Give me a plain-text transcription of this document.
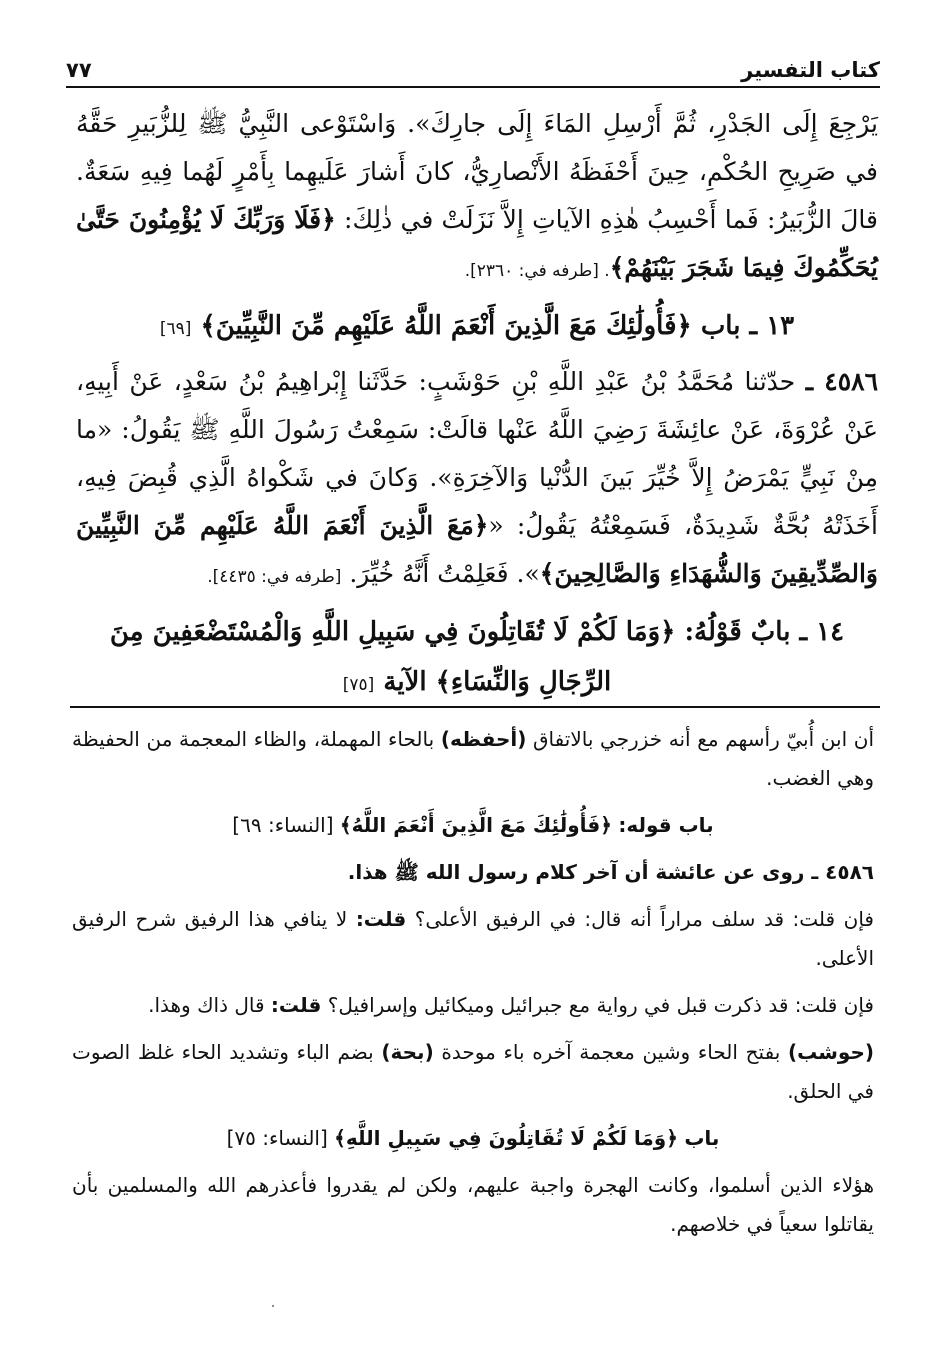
كتاب التفسير
٧٧

يَرْجِعَ إِلَى الجَدْرِ، ثُمَّ أَرْسِلِ المَاءَ إِلَى جارِكَ». وَاسْتَوْعى النَّبِيُّ ﷺ لِلزُّبَيرِ حَقَّهُ في صَرِيحِ الحُكْمِ، حِينَ أَحْفَظَهُ الأَنْصارِيُّ، كانَ أَشارَ عَلَيهِما بِأَمْرٍ لَهُما فِيهِ سَعَةٌ. قالَ الزُّبَيرُ: فَما أَحْسِبُ هٰذِهِ الآياتِ إِلاَّ نَزَلَتْ في ذٰلِكَ: ﴿فَلَا وَرَبِّكَ لَا يُؤْمِنُونَ حَتَّىٰ يُحَكِّمُوكَ فِيمَا شَجَرَ بَيْنَهُمْ﴾. [طرفه في: ٢٣٦٠].

١٣ ـ باب ﴿فَأُولَٰئِكَ مَعَ الَّذِينَ أَنْعَمَ اللَّهُ عَلَيْهِم مِّنَ النَّبِيِّينَ﴾ [٦٩]

٤٥٨٦ ـ حدّثنا مُحَمَّدُ بْنُ عَبْدِ اللَّهِ بْنِ حَوْشَبٍ: حَدَّثَنا إِبْراهِيمُ بْنُ سَعْدٍ، عَنْ أَبِيهِ، عَنْ عُرْوَةَ، عَنْ عائِشَةَ رَضِيَ اللَّهُ عَنْها قالَتْ: سَمِعْتُ رَسُولَ اللَّهِ ﷺ يَقُولُ: «ما مِنْ نَبِيٍّ يَمْرَضُ إِلاَّ خُيِّرَ بَينَ الدُّنْيا وَالآخِرَةِ». وَكانَ في شَكْواهُ الَّذِي قُبِضَ فِيهِ، أَخَذَتْهُ بُحَّةٌ شَدِيدَةٌ، فَسَمِعْتُهُ يَقُولُ: «﴿مَعَ الَّذِينَ أَنْعَمَ اللَّهُ عَلَيْهِم مِّنَ النَّبِيِّينَ وَالصِّدِّيقِينَ وَالشُّهَدَاءِ وَالصَّالِحِينَ﴾». فَعَلِمْتُ أَنَّهُ خُيِّرَ. [طرفه في: ٤٤٣٥].

١٤ ـ بابٌ قَوْلُهُ: ﴿وَمَا لَكُمْ لَا تُقَاتِلُونَ فِي سَبِيلِ اللَّهِ وَالْمُسْتَضْعَفِينَ مِنَ الرِّجَالِ وَالنِّسَاءِ﴾ الآية [٧٥]

أن ابن أُبيّ رأسهم مع أنه خزرجي بالاتفاق (أحفظه) بالحاء المهملة، والظاء المعجمة من الحفيظة وهي الغضب.

باب قوله: ﴿فَأُولَٰئِكَ مَعَ الَّذِينَ أَنْعَمَ اللَّهُ﴾ [النساء: ٦٩]

٤٥٨٦ ـ روى عن عائشة أن آخر كلام رسول الله ﷺ هذا.

فإن قلت: قد سلف مراراً أنه قال: في الرفيق الأعلى؟ قلت: لا ينافي هذا الرفيق شرح الرفيق الأعلى.

فإن قلت: قد ذكرت قبل في رواية مع جبرائيل وميكائيل وإسرافيل؟ قلت: قال ذاك وهذا.

(حوشب) بفتح الحاء وشين معجمة آخره باء موحدة (بحة) بضم الباء وتشديد الحاء غلظ الصوت في الحلق.

باب ﴿وَمَا لَكُمْ لَا تُقَاتِلُونَ فِي سَبِيلِ اللَّهِ﴾ [النساء: ٧٥]

هؤلاء الذين أسلموا، وكانت الهجرة واجبة عليهم، ولكن لم يقدروا فأعذرهم الله والمسلمين بأن يقاتلوا سعياً في خلاصهم.
